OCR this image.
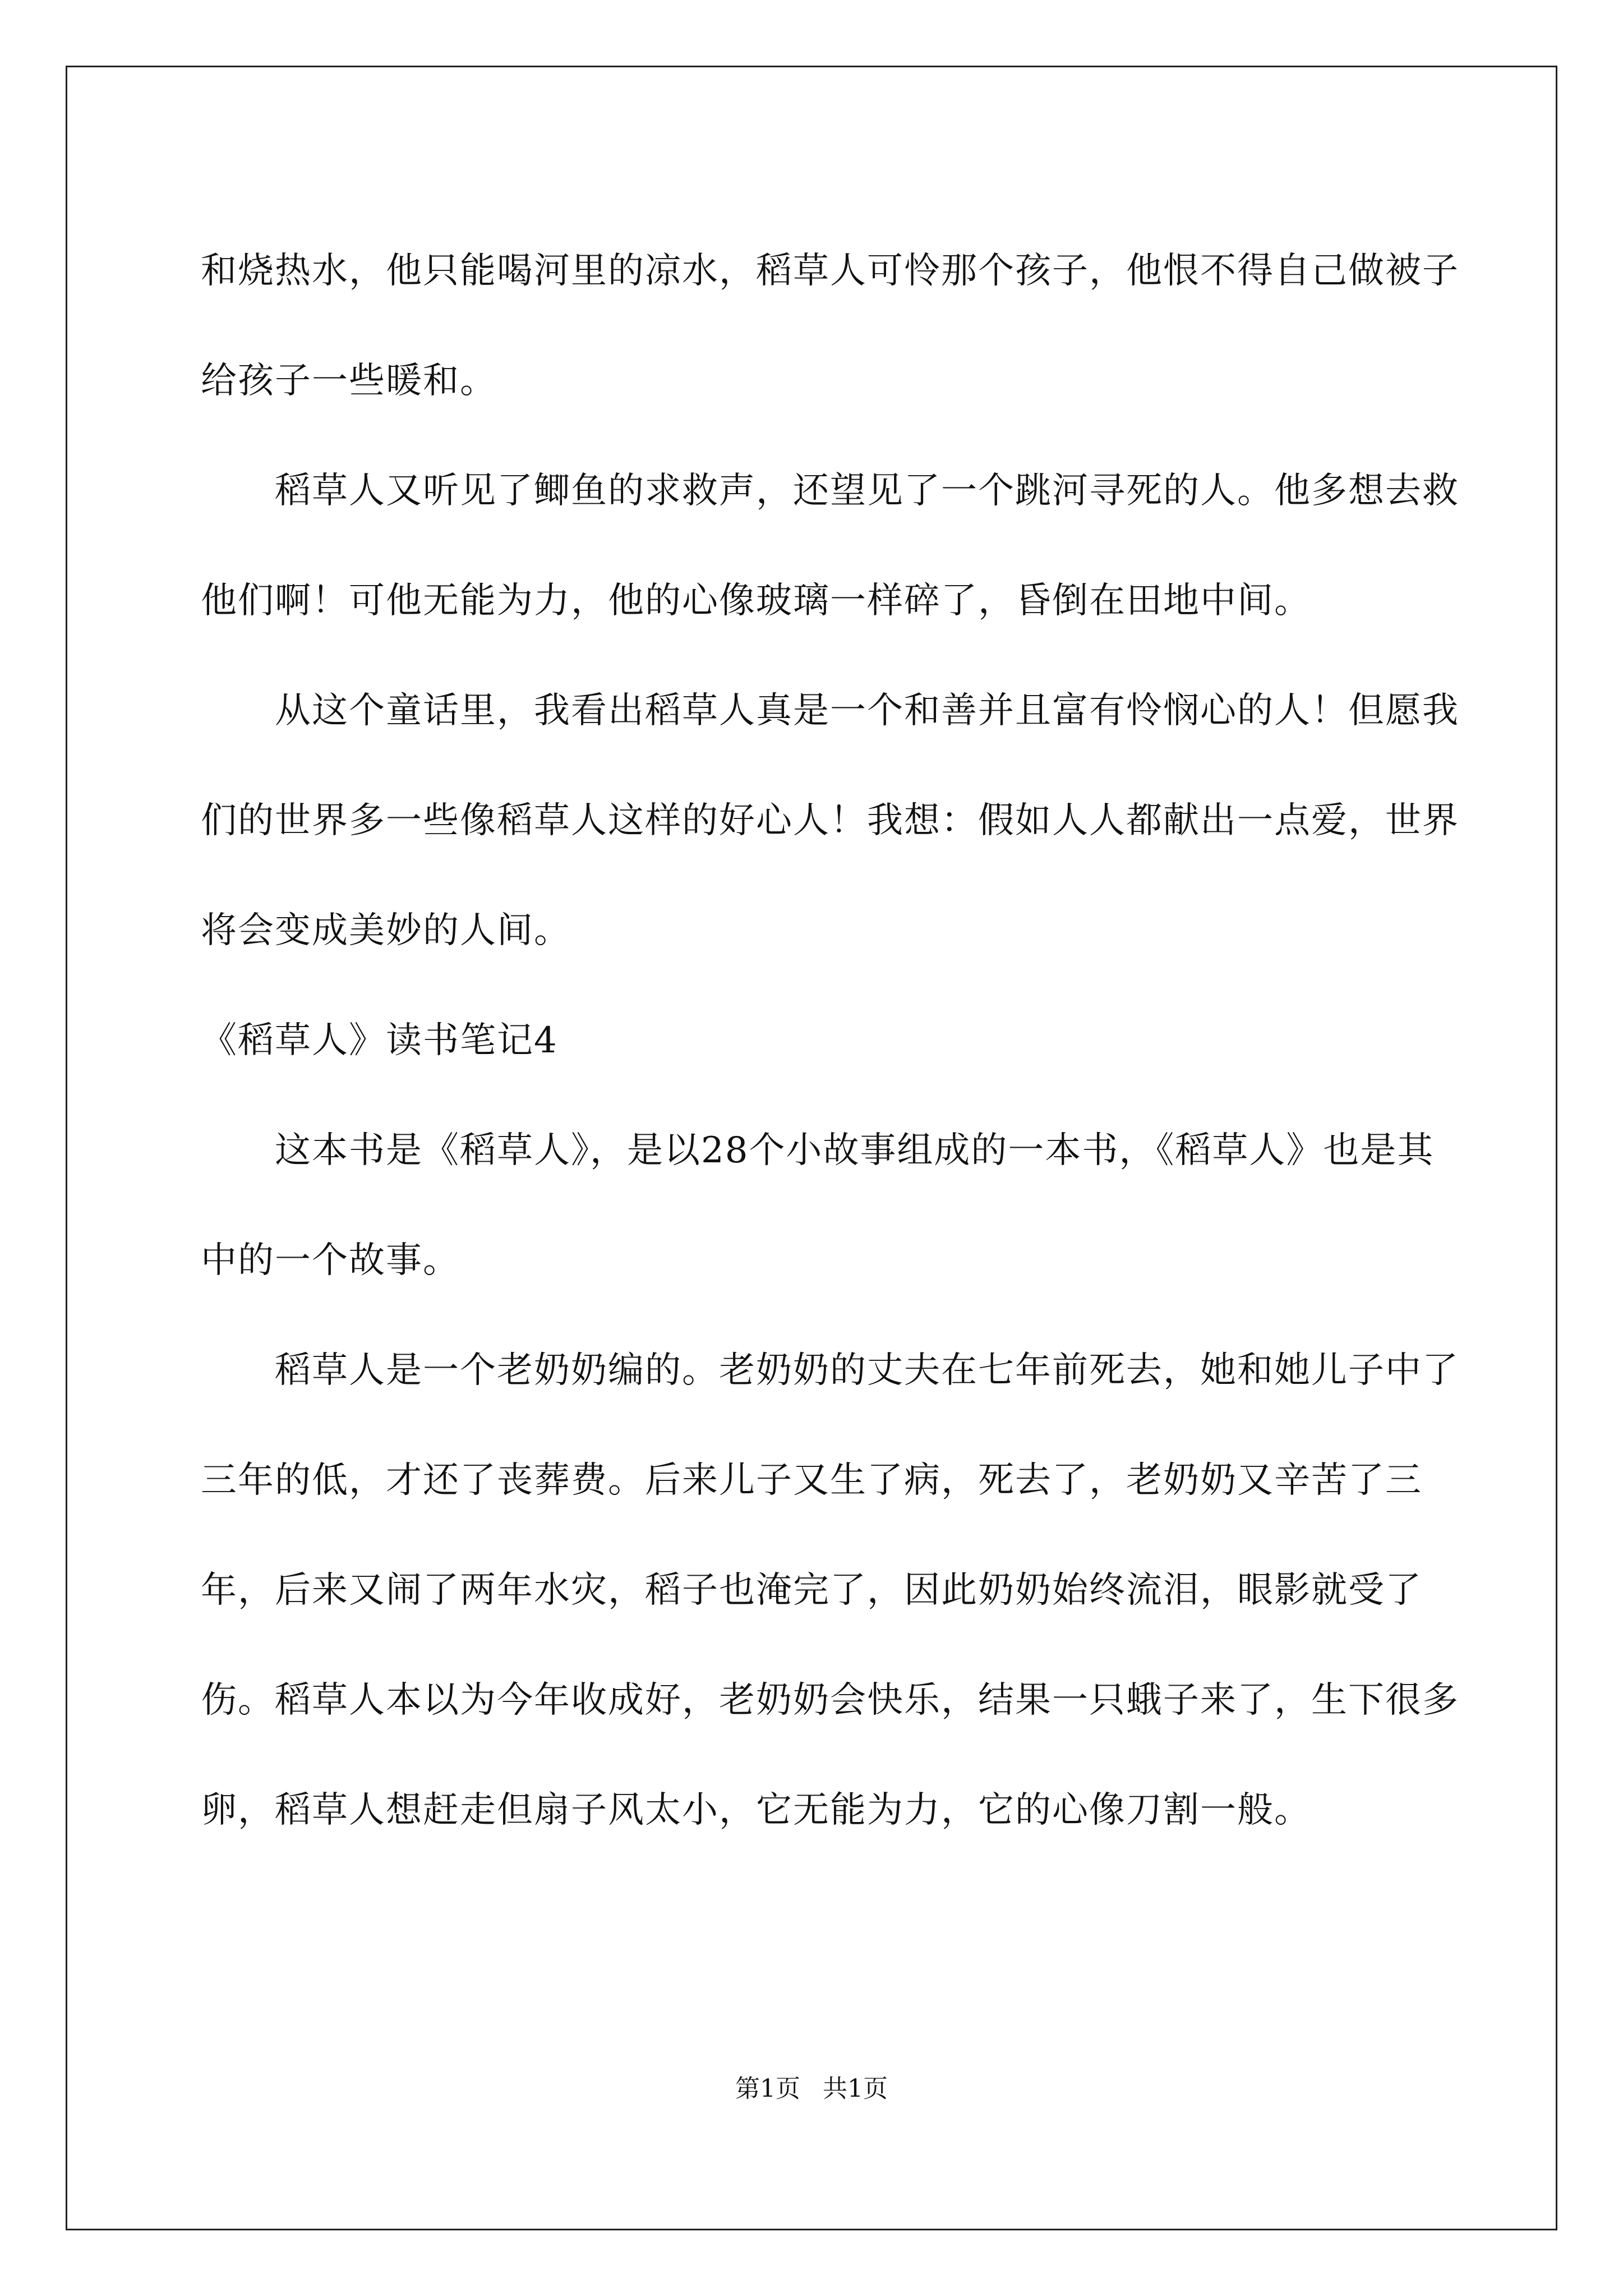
和烧热水，他只能喝河里的凉水，稻草人可怜那个孩子，他恨不得自己做被子给孩子一些暖和。

稻草人又听见了鲫鱼的求救声，还望见了一个跳河寻死的人。他多想去救他们啊！可他无能为力，他的心像玻璃一样碎了，昏倒在田地中间。

从这个童话里，我看出稻草人真是一个和善并且富有怜悯心的人！但愿我们的世界多一些像稻草人这样的好心人！我想：假如人人都献出一点爱，世界将会变成美妙的人间。

《稻草人》读书笔记4

这本书是《稻草人》，是以28个小故事组成的一本书，《稻草人》也是其中的一个故事。

稻草人是一个老奶奶编的。老奶奶的丈夫在七年前死去，她和她儿子中了三年的低，才还了丧葬费。后来儿子又生了病，死去了，老奶奶又辛苦了三年，后来又闹了两年水灾，稻子也淹完了，因此奶奶始终流泪，眼影就受了伤。稻草人本以为今年收成好，老奶奶会快乐，结果一只蛾子来了，生下很多卵，稻草人想赶走但扇子风太小，它无能为力，它的心像刀割一般。

第1页 共1页
